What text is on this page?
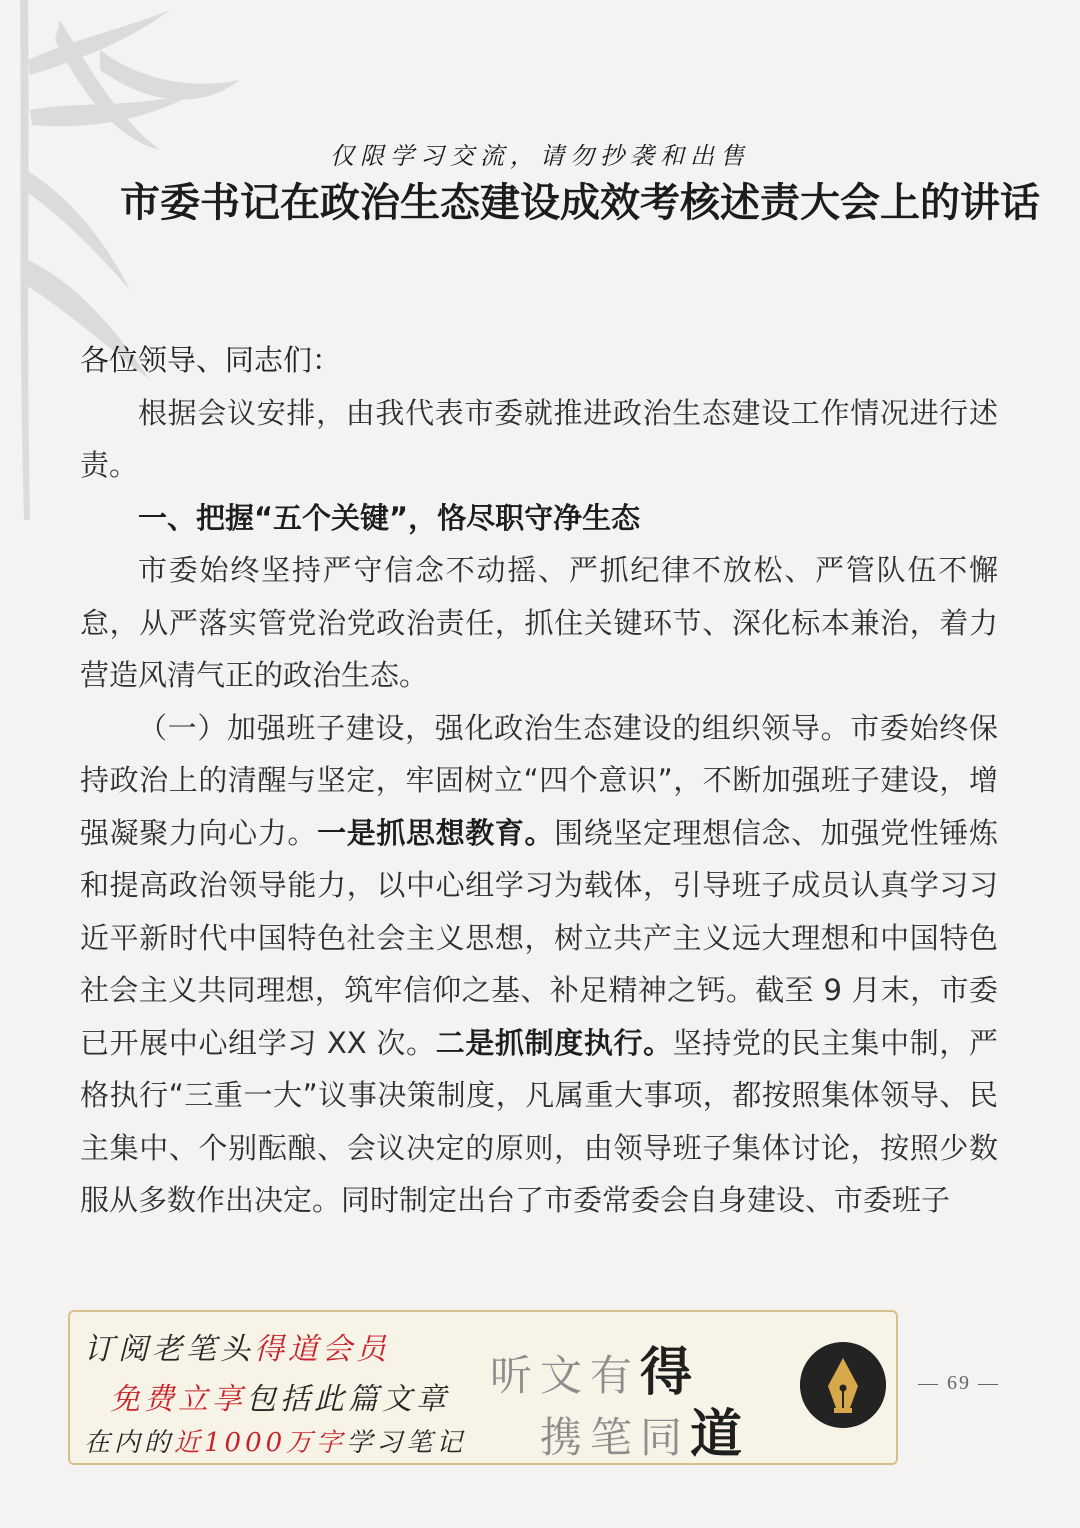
仅限学习交流，请勿抄袭和出售
市委书记在政治生态建设成效考核述责大会上的讲话

各位领导、同志们：

根据会议安排，由我代表市委就推进政治生态建设工作情况进行述责。

一、把握“五个关键”，恪尽职守净生态

市委始终坚持严守信念不动摇、严抓纪律不放松、严管队伍不懈怠，从严落实管党治党政治责任，抓住关键环节、深化标本兼治，着力营造风清气正的政治生态。

（一）加强班子建设，强化政治生态建设的组织领导。市委始终保持政治上的清醒与坚定，牢固树立“四个意识”，不断加强班子建设，增强凝聚力向心力。一是抓思想教育。围绕坚定理想信念、加强党性锤炼和提高政治领导能力，以中心组学习为载体，引导班子成员认真学习习近平新时代中国特色社会主义思想，树立共产主义远大理想和中国特色社会主义共同理想，筑牢信仰之基、补足精神之钙。截至 9 月末，市委已开展中心组学习 XX 次。二是抓制度执行。坚持党的民主集中制，严格执行“三重一大”议事决策制度，凡属重大事项，都按照集体领导、民主集中、个别酝酿、会议决定的原则，由领导班子集体讨论，按照少数服从多数作出决定。同时制定出台了市委常委会自身建设、市委班子

订阅老笔头得道会员
免费立享包括此篇文章
在内的近1000万字学习笔记
听文有得
携笔同道
— 69 —
